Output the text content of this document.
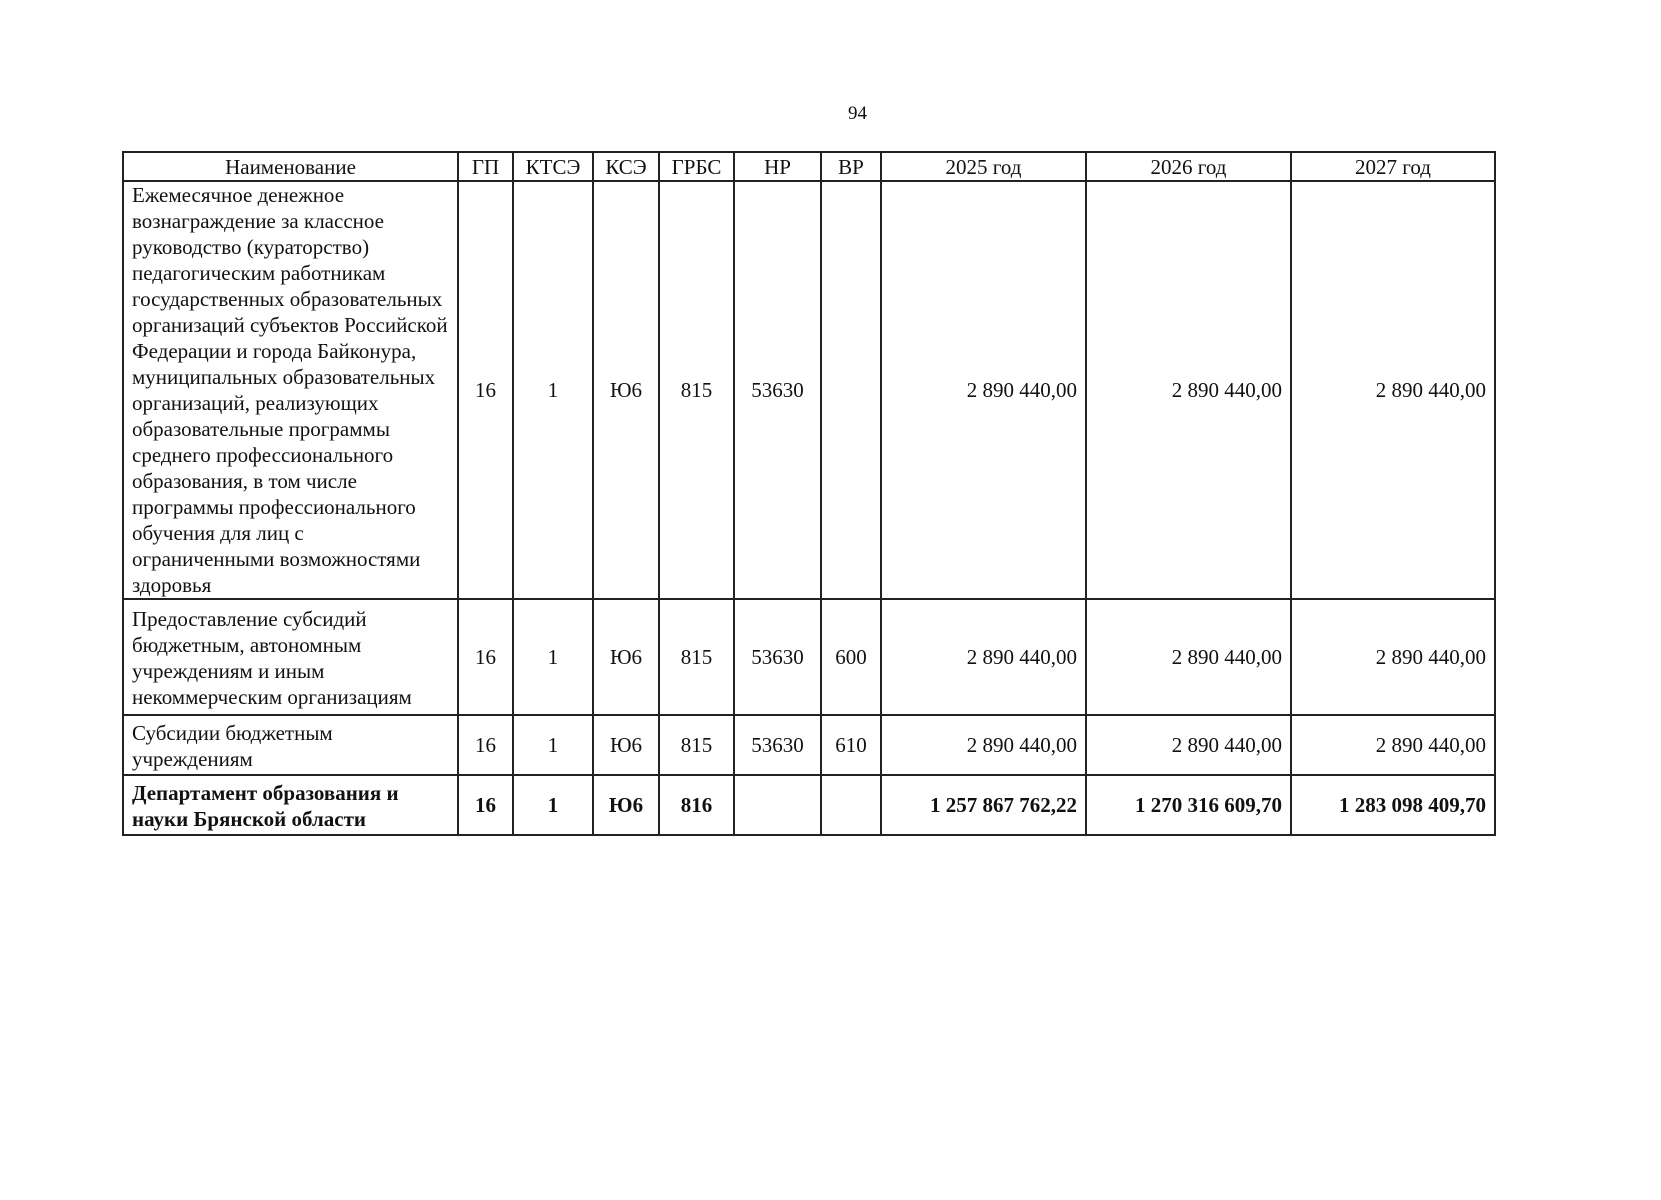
94
Наименование	ГП	КТСЭ	КСЭ	ГРБС	НР	ВР	2025 год	2026 год	2027 год
Ежемесячное денежное вознаграждение за классное руководство (кураторство) педагогическим работникам государственных образовательных организаций субъектов Российской Федерации и города Байконура, муниципальных образовательных организаций, реализующих образовательные программы среднего профессионального образования, в том числе программы профессионального обучения для лиц с ограниченными возможностями здоровья	16	1	Ю6	815	53630		2 890 440,00	2 890 440,00	2 890 440,00
Предоставление субсидий бюджетным, автономным учреждениям и иным некоммерческим организациям	16	1	Ю6	815	53630	600	2 890 440,00	2 890 440,00	2 890 440,00
Субсидии бюджетным учреждениям	16	1	Ю6	815	53630	610	2 890 440,00	2 890 440,00	2 890 440,00
Департамент образования и науки Брянской области	16	1	Ю6	816			1 257 867 762,22	1 270 316 609,70	1 283 098 409,70
